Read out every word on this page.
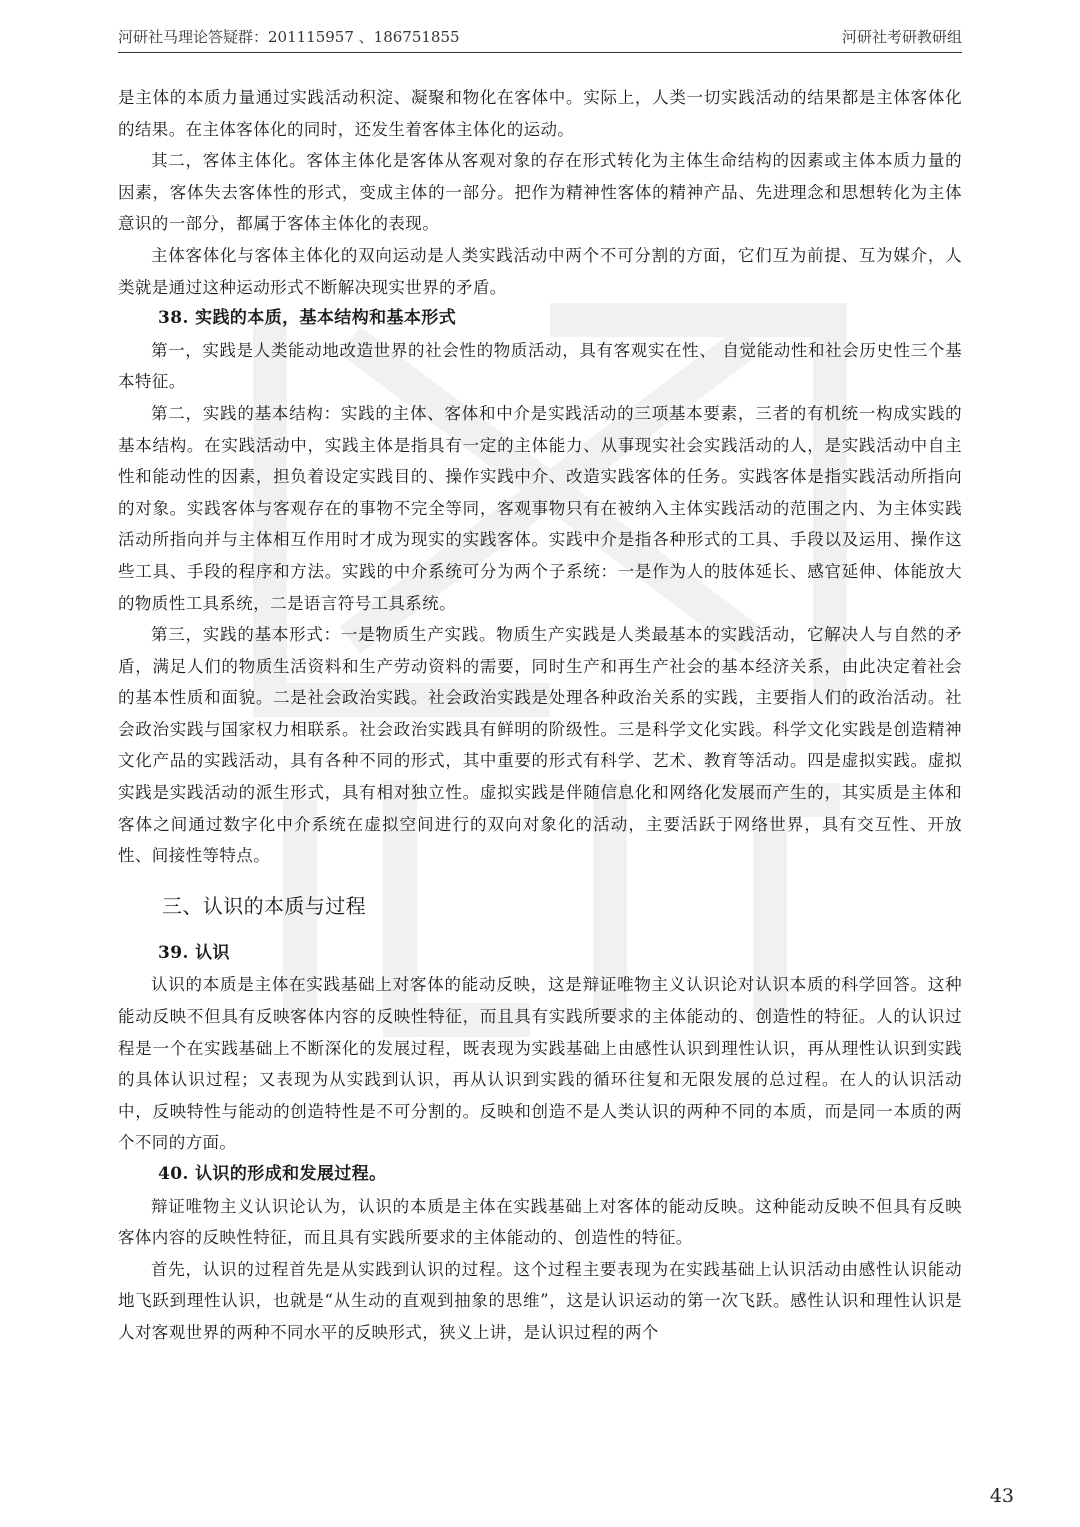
河研社马理论答疑群：201115957 、186751855	河研社考研教研组

是主体的本质力量通过实践活动积淀、凝聚和物化在客体中。实际上，人类一切实践活动的结果都是主体客体化的结果。在主体客体化的同时，还发生着客体主体化的运动。

其二，客体主体化。客体主体化是客体从客观对象的存在形式转化为主体生命结构的因素或主体本质力量的因素，客体失去客体性的形式，变成主体的一部分。把作为精神性客体的精神产品、先进理念和思想转化为主体意识的一部分，都属于客体主体化的表现。

主体客体化与客体主体化的双向运动是人类实践活动中两个不可分割的方面，它们互为前提、互为媒介，人类就是通过这种运动形式不断解决现实世界的矛盾。

38. 实践的本质，基本结构和基本形式

第一，实践是人类能动地改造世界的社会性的物质活动，具有客观实在性、 自觉能动性和社会历史性三个基本特征。

第二，实践的基本结构：实践的主体、客体和中介是实践活动的三项基本要素，三者的有机统一构成实践的基本结构。在实践活动中，实践主体是指具有一定的主体能力、从事现实社会实践活动的人，是实践活动中自主性和能动性的因素，担负着设定实践目的、操作实践中介、改造实践客体的任务。实践客体是指实践活动所指向的对象。实践客体与客观存在的事物不完全等同，客观事物只有在被纳入主体实践活动的范围之内、为主体实践活动所指向并与主体相互作用时才成为现实的实践客体。实践中介是指各种形式的工具、手段以及运用、操作这些工具、手段的程序和方法。实践的中介系统可分为两个子系统：一是作为人的肢体延长、感官延伸、体能放大的物质性工具系统，二是语言符号工具系统。

第三，实践的基本形式：一是物质生产实践。物质生产实践是人类最基本的实践活动，它解决人与自然的矛盾，满足人们的物质生活资料和生产劳动资料的需要，同时生产和再生产社会的基本经济关系，由此决定着社会的基本性质和面貌。二是社会政治实践。社会政治实践是处理各种政治关系的实践，主要指人们的政治活动。社会政治实践与国家权力相联系。社会政治实践具有鲜明的阶级性。三是科学文化实践。科学文化实践是创造精神文化产品的实践活动，具有各种不同的形式，其中重要的形式有科学、艺术、教育等活动。四是虚拟实践。虚拟实践是实践活动的派生形式，具有相对独立性。虚拟实践是伴随信息化和网络化发展而产生的，其实质是主体和客体之间通过数字化中介系统在虚拟空间进行的双向对象化的活动，主要活跃于网络世界，具有交互性、开放性、间接性等特点。

三、认识的本质与过程
39. 认识

认识的本质是主体在实践基础上对客体的能动反映，这是辩证唯物主义认识论对认识本质的科学回答。这种能动反映不但具有反映客体内容的反映性特征，而且具有实践所要求的主体能动的、创造性的特征。人的认识过程是一个在实践基础上不断深化的发展过程，既表现为实践基础上由感性认识到理性认识，再从理性认识到实践的具体认识过程；又表现为从实践到认识，再从认识到实践的循环往复和无限发展的总过程。在人的认识活动中，反映特性与能动的创造特性是不可分割的。反映和创造不是人类认识的两种不同的本质，而是同一本质的两个不同的方面。

40. 认识的形成和发展过程。

辩证唯物主义认识论认为，认识的本质是主体在实践基础上对客体的能动反映。这种能动反映不但具有反映客体内容的反映性特征，而且具有实践所要求的主体能动的、创造性的特征。

首先，认识的过程首先是从实践到认识的过程。这个过程主要表现为在实践基础上认识活动由感性认识能动地飞跃到理性认识，也就是“从生动的直观到抽象的思维”，这是认识运动的第一次飞跃。感性认识和理性认识是人对客观世界的两种不同水平的反映形式，狭义上讲，是认识过程的两个

43
